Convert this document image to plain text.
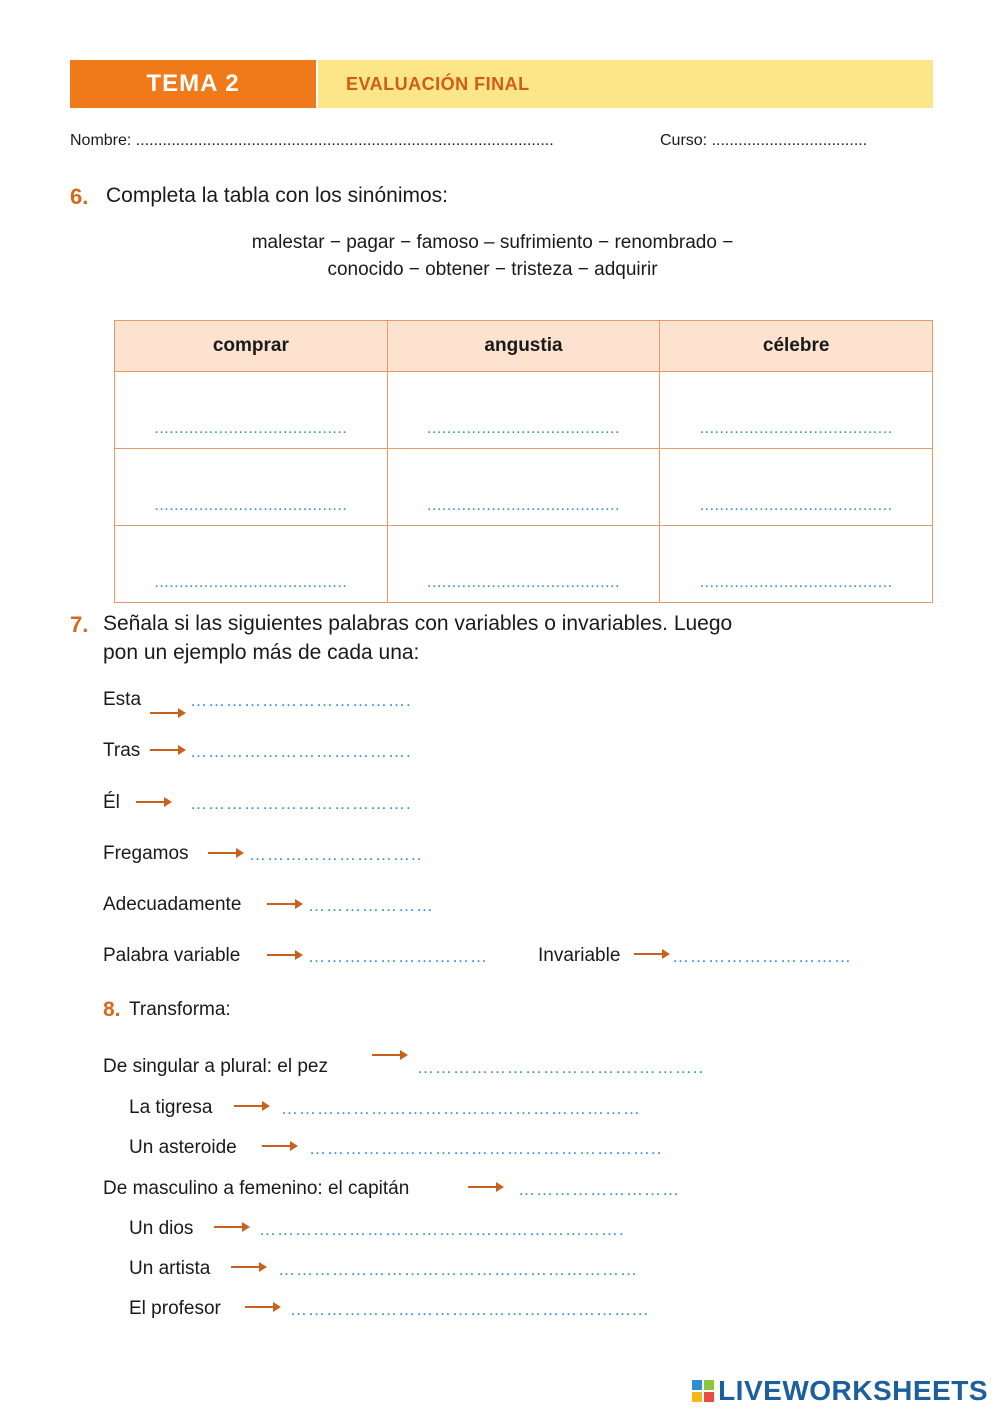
TEMA 2	EVALUACIÓN FINAL
Nombre: ..............................................................................................	Curso: ...................................
6. Completa la tabla con los sinónimos:
malestar − pagar − famoso – sufrimiento − renombrado −
conocido − obtener − tristeza − adquirir
comprar	angustia	célebre
.......................................	.......................................	.......................................
.......................................	.......................................	.......................................
.......................................	.......................................	.......................................
7. Señala si las siguientes palabras con variables o invariables. Luego
pon un ejemplo más de cada una:
Esta	……………………………….
Tras	……………………………….
Él	……………………………….
Fregamos	………………………..
Adecuadamente	…………………
Palabra variable	…………………………	Invariable	…………………………
8. Transforma:
De singular a plural: el pez	……………………………….………..
La tigresa	……………………………………………………
Un asteroide	…………………………………………………..
De masculino a femenino: el capitán	………………………
Un dios	…………………………………………………….
Un artista	……………………………………………………
El profesor	…………………………………………………...
LIVEWORKSHEETS
